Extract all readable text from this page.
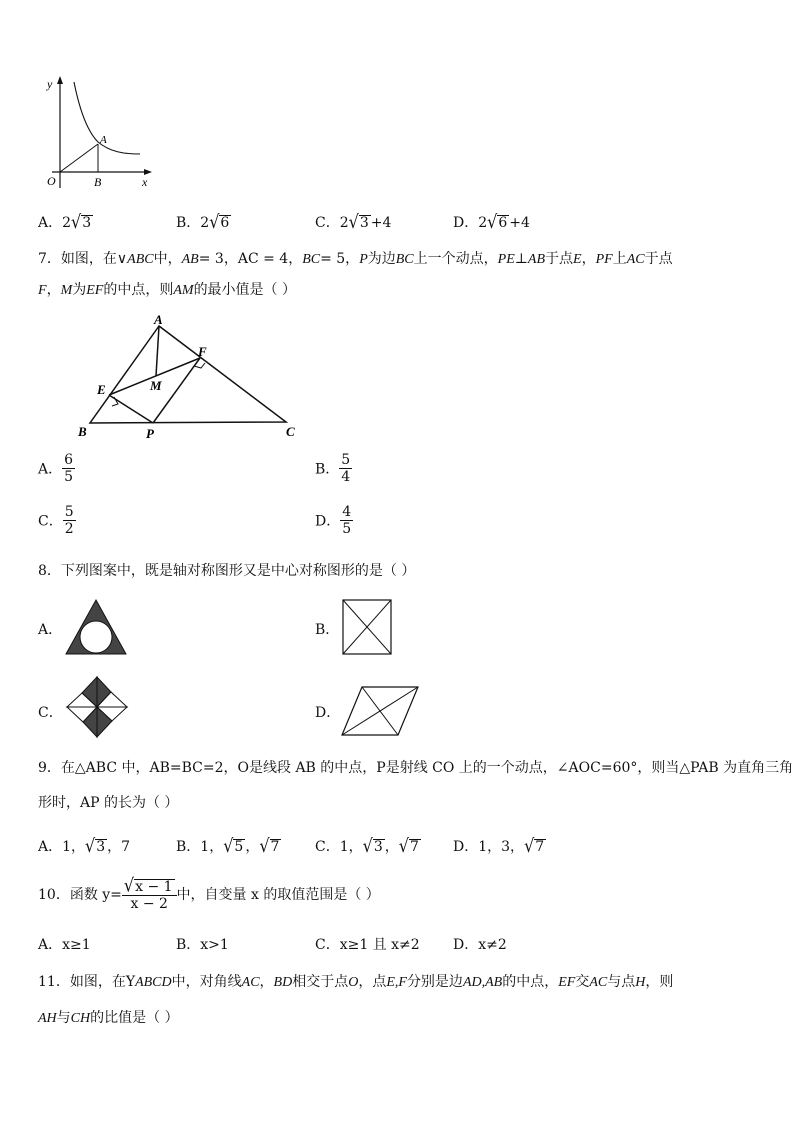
y
x
O
A
B
A．2√3	B．2√6	C．2√3 +4	D．2√6 +4
7．如图，在∨ABC中，AB= 3，AC = 4，BC= 5，P为边BC上一个动点，PE⊥AB于点E，PF上AC于点
F，M为EF的中点，则AM的最小值是（ ）
A
B	C
E
F
M
P
A． $\frac{6}{5}$	B． $\frac{5}{4}$
C． $\frac{5}{2}$	D． $\frac{4}{5}$
8．下列图案中，既是轴对称图形又是中心对称图形的是（ ）
A．	B．
C．	D．
9．在△ABC 中，AB=BC=2，O是线段 AB 的中点，P是射线 CO 上的一个动点，∠AOC=60°，则当△PAB 为直角三角
形时，AP 的长为（ ）
A．1，√3 ，7	B．1，√5 ，√7	C．1，√3 ，√7 D．1，3，√7
10．函数 $y= \frac{√x - 1}{x - 2}$ 中，自变量 x 的取值范围是（ ）
A．x≥1	B．x>1	C．x≥1 且 x≠2 D．x≠2
11．如图，在YABCD中，对角线AC，BD相交于点O，点E,F分别是边AD,AB的中点，EF交AC与点H，则
AH与CH的比值是（ ）
